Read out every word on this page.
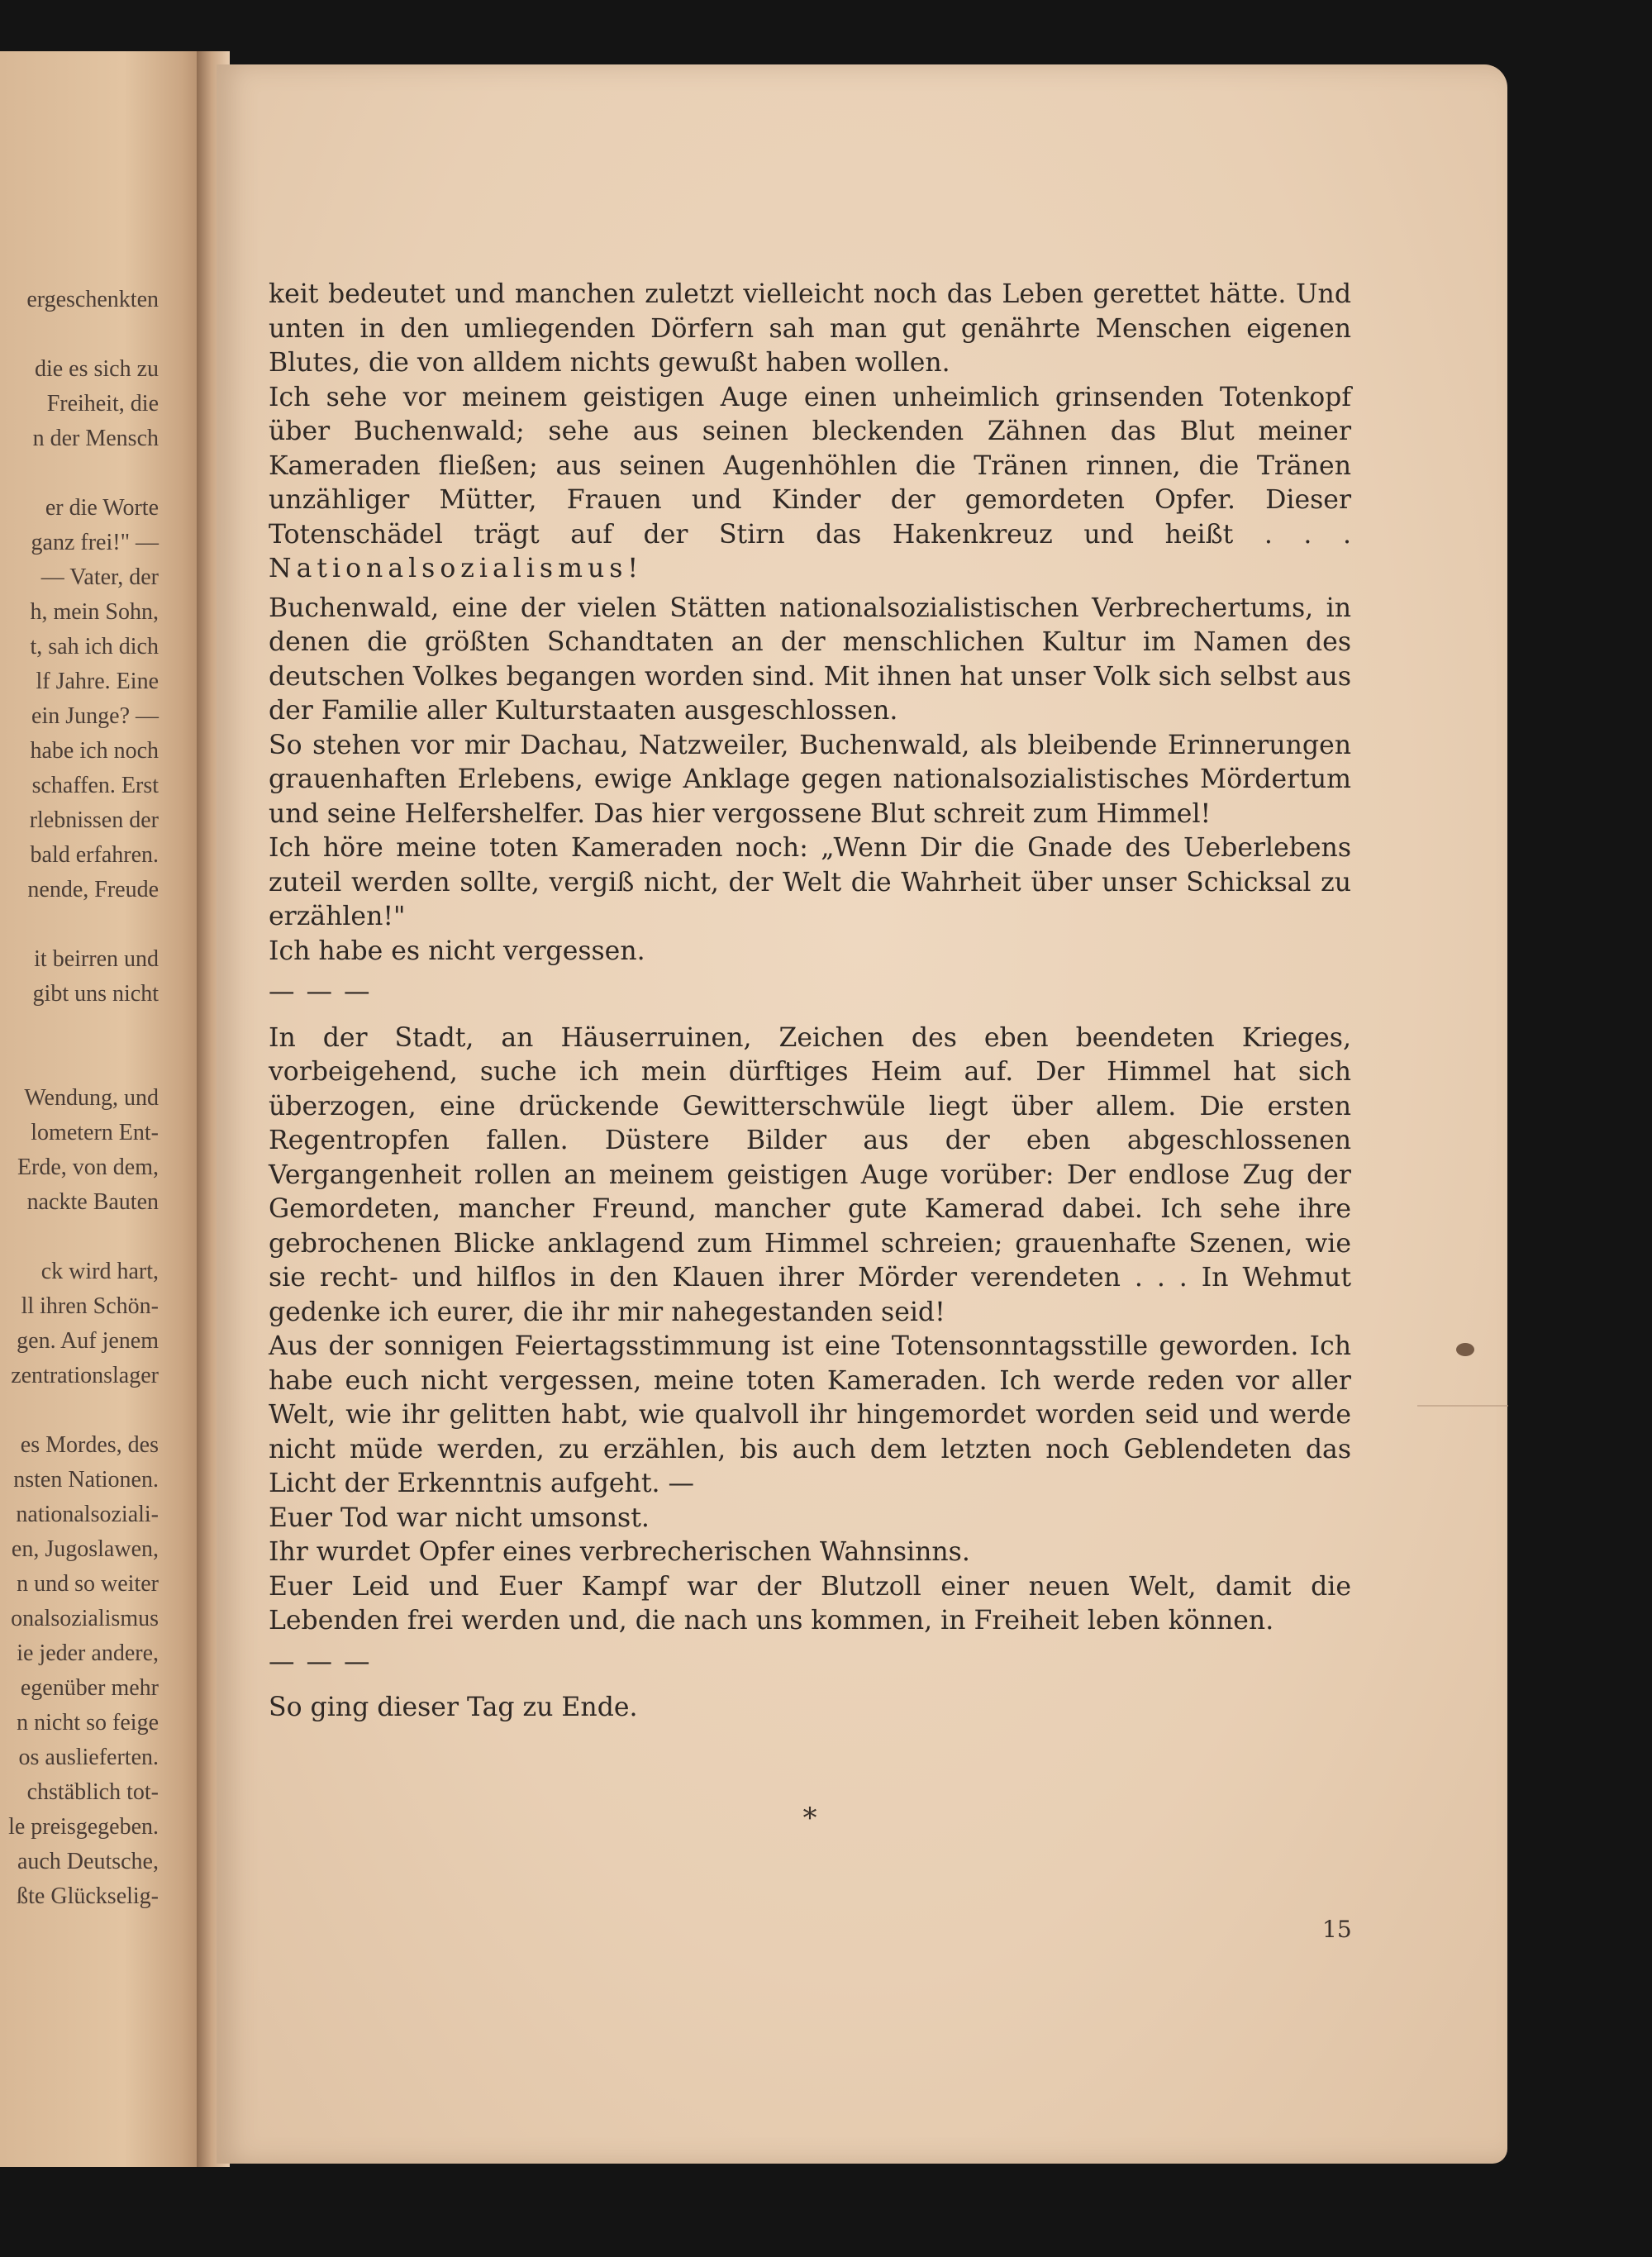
ergeschenkten
die es sich zu
Freiheit, die
n der Mensch
er die Worte
ganz frei!" —
— Vater, der
h, mein Sohn,
t, sah ich dich
lf Jahre. Eine
ein Junge? —
habe ich noch
schaffen. Erst
rlebnissen der
bald erfahren.
nende, Freude
it beirren und
gibt uns nicht
Wendung, und
lometern Ent-
Erde, von dem,
nackte Bauten
ck wird hart,
ll ihren Schön-
gen. Auf jenem
zentrationslager
es Mordes, des
nsten Nationen.
nationalsoziali-
en, Jugoslawen,
n und so weiter
onalsozialismus
ie jeder andere,
egenüber mehr
n nicht so feige
os auslieferten.
chstäblich tot-
le preisgegeben.
auch Deutsche,
ßte Glückselig-

keit bedeutet und manchen zuletzt vielleicht noch das Leben gerettet hätte. Und unten in den umliegenden Dörfern sah man gut genährte Menschen eigenen Blutes, die von alldem nichts gewußt haben wollen.

Ich sehe vor meinem geistigen Auge einen unheimlich grinsenden Totenkopf über Buchenwald; sehe aus seinen bleckenden Zähnen das Blut meiner Kameraden fließen; aus seinen Augenhöhlen die Tränen rinnen, die Tränen unzähliger Mütter, Frauen und Kinder der gemordeten Opfer. Dieser Totenschädel trägt auf der Stirn das Hakenkreuz und heißt . . . Nationalsozialismus!

Buchenwald, eine der vielen Stätten nationalsozialistischen Verbrechertums, in denen die größten Schandtaten an der menschlichen Kultur im Namen des deutschen Volkes begangen worden sind. Mit ihnen hat unser Volk sich selbst aus der Familie aller Kulturstaaten ausgeschlossen.

So stehen vor mir Dachau, Natzweiler, Buchenwald, als bleibende Erinnerungen grauenhaften Erlebens, ewige Anklage gegen nationalsozialistisches Mördertum und seine Helfershelfer. Das hier vergossene Blut schreit zum Himmel!

Ich höre meine toten Kameraden noch: „Wenn Dir die Gnade des Ueberlebens zuteil werden sollte, vergiß nicht, der Welt die Wahrheit über unser Schicksal zu erzählen!"

Ich habe es nicht vergessen.

— — —

In der Stadt, an Häuserruinen, Zeichen des eben beendeten Krieges, vorbeigehend, suche ich mein dürftiges Heim auf. Der Himmel hat sich überzogen, eine drückende Gewitterschwüle liegt über allem. Die ersten Regentropfen fallen. Düstere Bilder aus der eben abgeschlossenen Vergangenheit rollen an meinem geistigen Auge vorüber: Der endlose Zug der Gemordeten, mancher Freund, mancher gute Kamerad dabei. Ich sehe ihre gebrochenen Blicke anklagend zum Himmel schreien; grauenhafte Szenen, wie sie recht- und hilflos in den Klauen ihrer Mörder verendeten . . . In Wehmut gedenke ich eurer, die ihr mir nahegestanden seid!

Aus der sonnigen Feiertagsstimmung ist eine Totensonntagsstille geworden. Ich habe euch nicht vergessen, meine toten Kameraden. Ich werde reden vor aller Welt, wie ihr gelitten habt, wie qualvoll ihr hingemordet worden seid und werde nicht müde werden, zu erzählen, bis auch dem letzten noch Geblendeten das Licht der Erkenntnis aufgeht. —

Euer Tod war nicht umsonst.

Ihr wurdet Opfer eines verbrecherischen Wahnsinns.

Euer Leid und Euer Kampf war der Blutzoll einer neuen Welt, damit die Lebenden frei werden und, die nach uns kommen, in Freiheit leben können.

— — —

So ging dieser Tag zu Ende.

*
15
